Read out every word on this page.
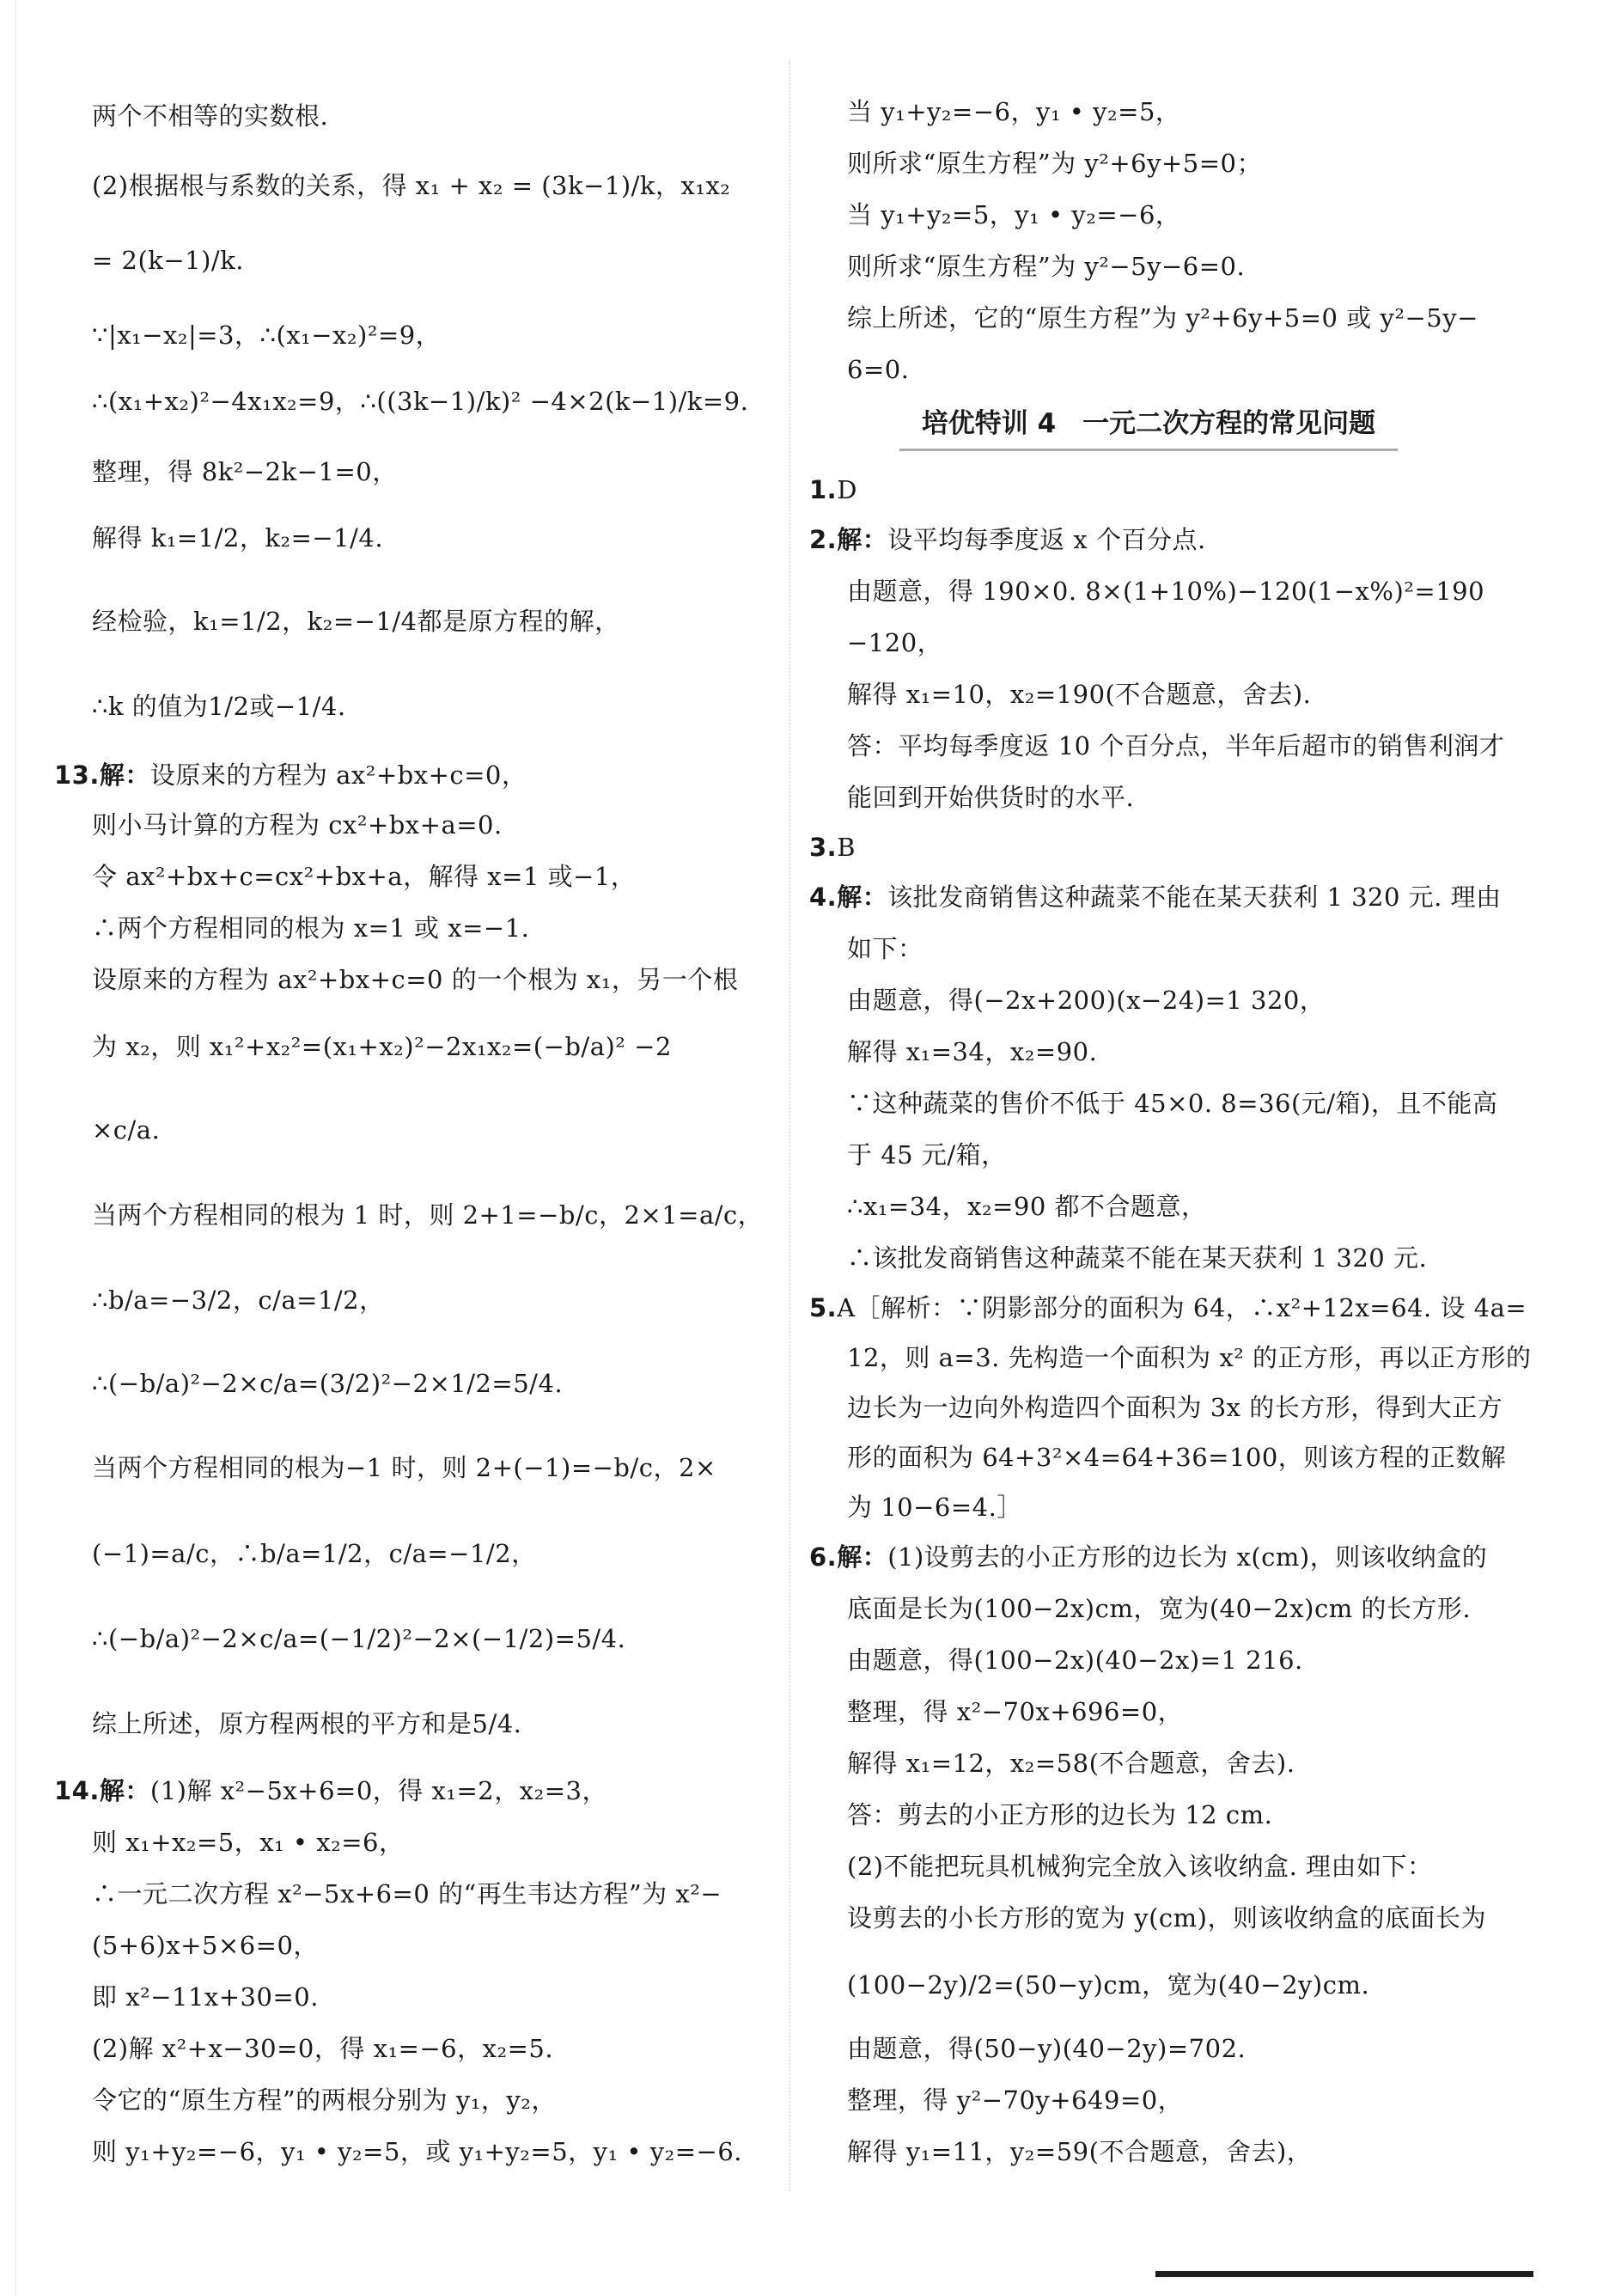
两个不相等的实数根.
(2)根据根与系数的关系，得 x₁ + x₂ = (3k−1)/k，x₁x₂
= 2(k−1)/k.
∵|x₁−x₂|=3，∴(x₁−x₂)²=9，
∴(x₁+x₂)²−4x₁x₂=9，∴((3k−1)/k)² −4×2(k−1)/k=9.
整理，得 8k²−2k−1=0，
解得 k₁=1/2，k₂=−1/4.
经检验，k₁=1/2，k₂=−1/4都是原方程的解，
∴k 的值为1/2或−1/4.
13.解：设原来的方程为 ax²+bx+c=0，
则小马计算的方程为 cx²+bx+a=0.
令 ax²+bx+c=cx²+bx+a，解得 x=1 或−1，
∴两个方程相同的根为 x=1 或 x=−1.
设原来的方程为 ax²+bx+c=0 的一个根为 x₁，另一个根
为 x₂，则 x₁²+x₂²=(x₁+x₂)²−2x₁x₂=(−b/a)² −2
×c/a.
当两个方程相同的根为 1 时，则 2+1=−b/c，2×1=a/c，
∴b/a=−3/2，c/a=1/2，
∴(−b/a)²−2×c/a=(3/2)²−2×1/2=5/4.
当两个方程相同的根为−1 时，则 2+(−1)=−b/c，2×
(−1)=a/c，∴b/a=1/2，c/a=−1/2，
∴(−b/a)²−2×c/a=(−1/2)²−2×(−1/2)=5/4.
综上所述，原方程两根的平方和是5/4.
14.解：(1)解 x²−5x+6=0，得 x₁=2，x₂=3，
则 x₁+x₂=5，x₁ • x₂=6，
∴一元二次方程 x²−5x+6=0 的“再生韦达方程”为 x²−
(5+6)x+5×6=0，
即 x²−11x+30=0.
(2)解 x²+x−30=0，得 x₁=−6，x₂=5.
令它的“原生方程”的两根分别为 y₁，y₂，
则 y₁+y₂=−6，y₁ • y₂=5，或 y₁+y₂=5，y₁ • y₂=−6.
当 y₁+y₂=−6，y₁ • y₂=5，
则所求“原生方程”为 y²+6y+5=0；
当 y₁+y₂=5，y₁ • y₂=−6，
则所求“原生方程”为 y²−5y−6=0.
综上所述，它的“原生方程”为 y²+6y+5=0 或 y²−5y−
6=0.
培优特训 4　一元二次方程的常见问题
1.D
2.解：设平均每季度返 x 个百分点.
由题意，得 190×0. 8×(1+10%)−120(1−x%)²=190
−120，
解得 x₁=10，x₂=190(不合题意，舍去).
答：平均每季度返 10 个百分点，半年后超市的销售利润才
能回到开始供货时的水平.
3.B
4.解：该批发商销售这种蔬菜不能在某天获利 1 320 元. 理由
如下：
由题意，得(−2x+200)(x−24)=1 320，
解得 x₁=34，x₂=90.
∵这种蔬菜的售价不低于 45×0. 8=36(元/箱)，且不能高
于 45 元/箱，
∴x₁=34，x₂=90 都不合题意，
∴该批发商销售这种蔬菜不能在某天获利 1 320 元.
5.A［解析：∵阴影部分的面积为 64，∴x²+12x=64. 设 4a=
12，则 a=3. 先构造一个面积为 x² 的正方形，再以正方形的
边长为一边向外构造四个面积为 3x 的长方形，得到大正方
形的面积为 64+3²×4=64+36=100，则该方程的正数解
为 10−6=4.］
6.解：(1)设剪去的小正方形的边长为 x(cm)，则该收纳盒的
底面是长为(100−2x)cm，宽为(40−2x)cm 的长方形.
由题意，得(100−2x)(40−2x)=1 216.
整理，得 x²−70x+696=0，
解得 x₁=12，x₂=58(不合题意，舍去).
答：剪去的小正方形的边长为 12 cm.
(2)不能把玩具机械狗完全放入该收纳盒. 理由如下：
设剪去的小长方形的宽为 y(cm)，则该收纳盒的底面长为
(100−2y)/2=(50−y)cm，宽为(40−2y)cm.
由题意，得(50−y)(40−2y)=702.
整理，得 y²−70y+649=0，
解得 y₁=11，y₂=59(不合题意，舍去)，
